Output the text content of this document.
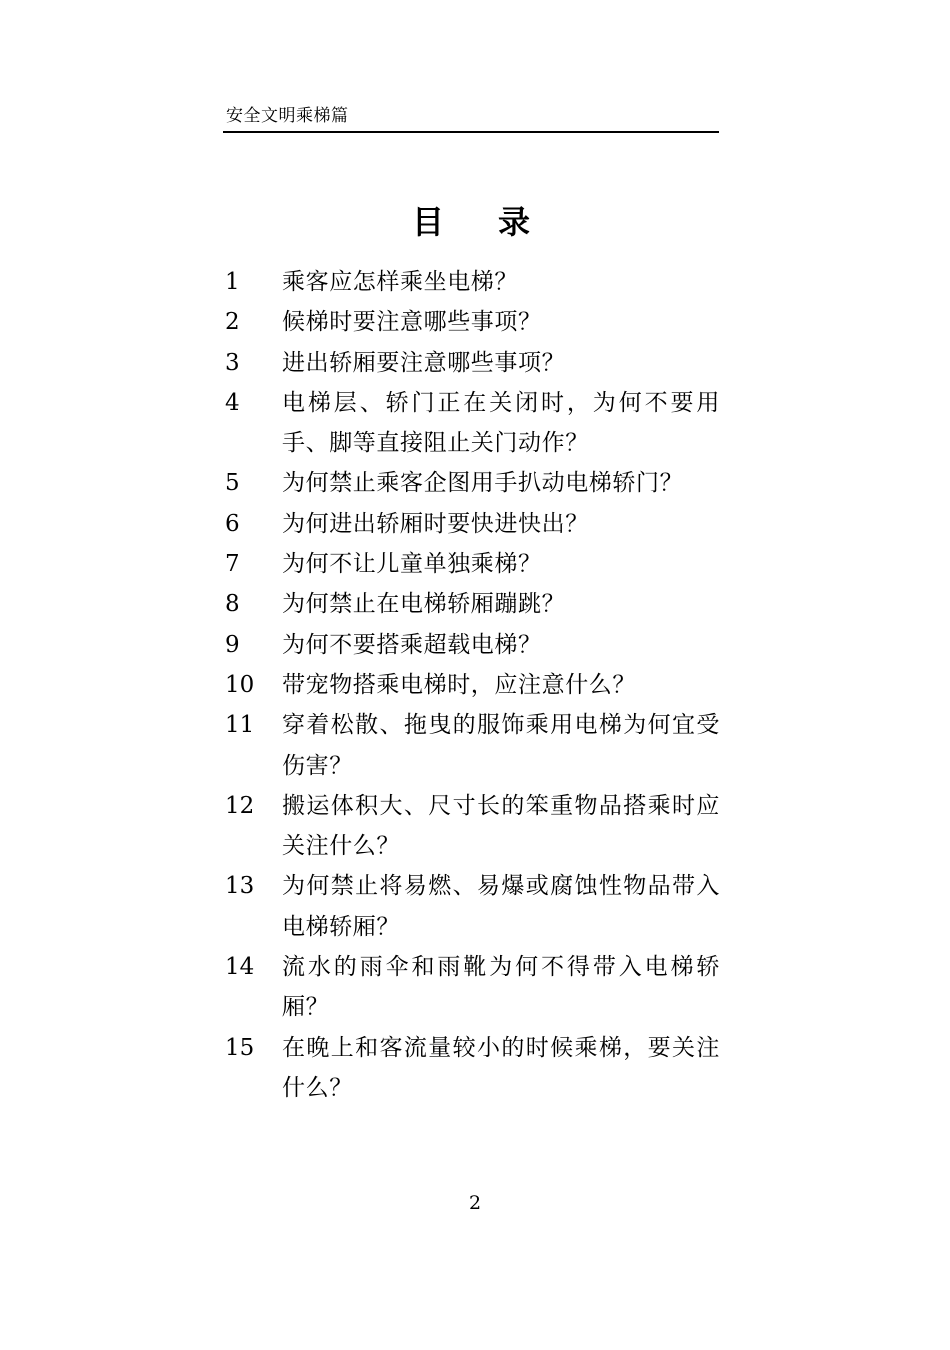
安全文明乘梯篇
目 录
1	乘客应怎样乘坐电梯？
2	候梯时要注意哪些事项？
3	进出轿厢要注意哪些事项？
4	电梯层、轿门正在关闭时，为何不要用手、脚等直接阻止关门动作？
5	为何禁止乘客企图用手扒动电梯轿门？
6	为何进出轿厢时要快进快出？
7	为何不让儿童单独乘梯？
8	为何禁止在电梯轿厢蹦跳？
9	为何不要搭乘超载电梯？
10	带宠物搭乘电梯时，应注意什么？
11	穿着松散、拖曳的服饰乘用电梯为何宜受伤害？
12	搬运体积大、尺寸长的笨重物品搭乘时应关注什么？
13	为何禁止将易燃、易爆或腐蚀性物品带入电梯轿厢？
14	流水的雨伞和雨靴为何不得带入电梯轿厢？
15	在晚上和客流量较小的时候乘梯，要关注什么？
2
